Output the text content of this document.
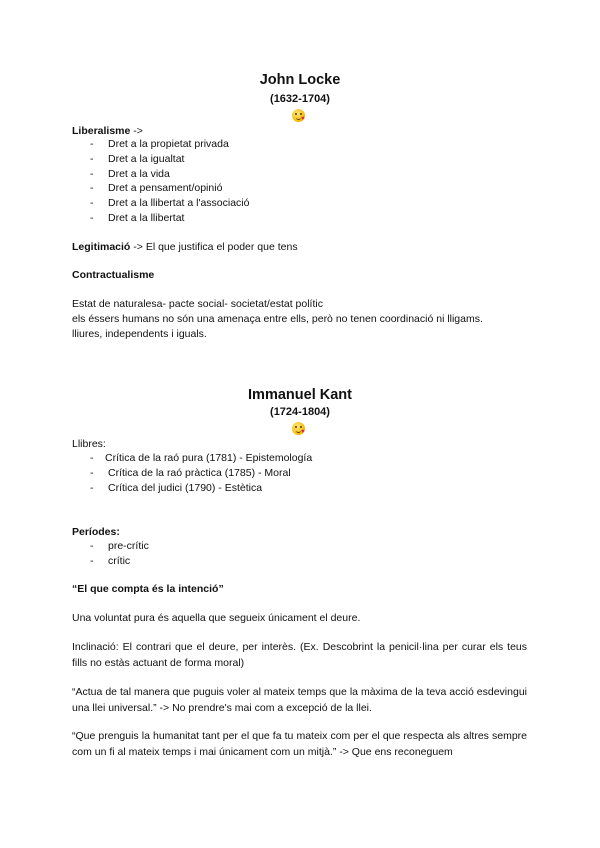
John Locke
(1632-1704)
♥
Liberalisme ->
- Dret a la propietat privada
- Dret a la igualtat
- Dret a la vida
- Dret a pensament/opinió
- Dret a la llibertat a l'associació
- Dret a la llibertat
Legitimació -> El que justifica el poder que tens
Contractualisme
Estat de naturalesa- pacte social- societat/estat polític
els éssers humans no són una amenaça entre ells, però no tenen coordinació ni lligams.
lliures, independents i iguals.
Immanuel Kant
(1724-1804)
♥
Llibres:
- Crítica de la raó pura (1781) - Epistemología
- Crítica de la raó pràctica (1785) - Moral
- Crítica del judici (1790) - Estètica
Períodes:
- pre-crític
- crític
“El que compta és la intenció”
Una voluntat pura és aquella que segueix únicament el deure.
Inclinació: El contrari que el deure, per interès. (Ex. Descobrint la penicil·lina per curar els teus fills no estàs actuant de forma moral)
“Actua de tal manera que puguis voler al mateix temps que la màxima de la teva acció esdevingui una llei universal.” -> No prendre's mai com a excepció de la llei.
“Que prenguis la humanitat tant per el que fa tu mateix com per el que respecta als altres sempre com un fi al mateix temps i mai únicament com un mitjà.” -> Que ens reconeguem
